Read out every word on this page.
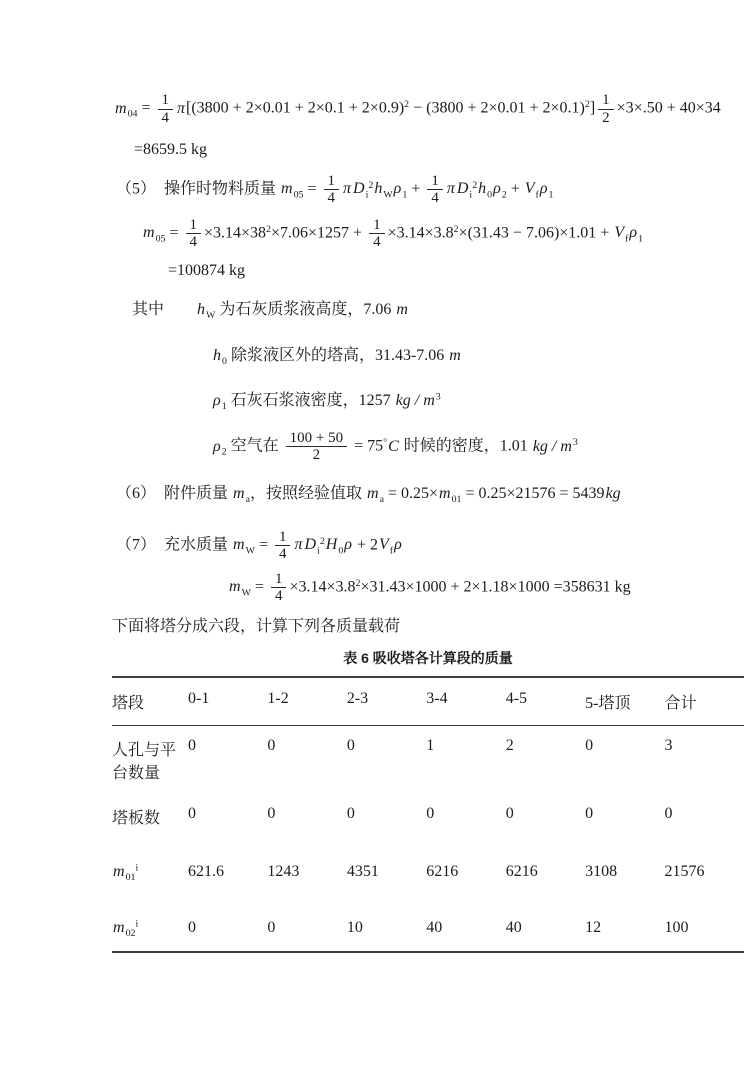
$m_{04} = \frac{1}{4} \pi[(3800 + 2\times 0.01 + 2\times 0.1 + 2\times 0.9)^2 - (3800 + 2\times 0.01 + 2\times 0.1)^2] \frac{1}{2} \times 3\times.50 + 40\times 34$
=8659.5 kg
（5）　操作时物料质量 $m_{05} = \frac{1}{4}$ π $D_i^2h_W\rho_1 + \frac{1}{4}$ π $D_i^2h_0\rho_2 + V_f\rho_1$
$m_{05} = \frac{1}{4} \times 3.14\times 38^2\times 7.06\times 1257 + \frac{1}{4} \times 3.14\times 3.8^2\times(31.43 - 7.06)\times 1.01 + V_f\rho_1$
=100874 kg
其中　　$h_W$ 为石灰质浆液高度，7.06 m
$h_0$ 除浆液区外的塔高，31.43-7.06 m
$\rho_1$ 石灰石浆液密度，1257 kg / $m^3$
$\rho_2$ 空气在 $\frac{100 + 50}{2} = 75^\circ C$ 时候的密度，1.01 kg / $m^3$
（6）　附件质量 $m_a$，按照经验值取 $m_a = 0.25\times m_{01} = 0.25\times 21576 = 5439kg$
（7）　充水质量 $m_W = \frac{1}{4}$ π $D_i^2H_0\rho + 2V_f\rho$
$m_W = \frac{1}{4} \times 3.14\times 3.8^2\times 31.43\times 1000 + 2\times 1.18\times 1000 =358631$ kg
下面将塔分成六段，计算下列各质量载荷
表 6 吸收塔各计算段的质量
塔段	0-1	1-2	2-3	3-4	4-5	5-塔顶	合计
人孔与平台数量	0	0	0	1	2	0	3
塔板数	0	0	0	0	0	0	0
$m_{01}^i$	621.6	1243	4351	6216	6216	3108	21576
$m_{02}^i$	0	0	10	40	40	12	100
